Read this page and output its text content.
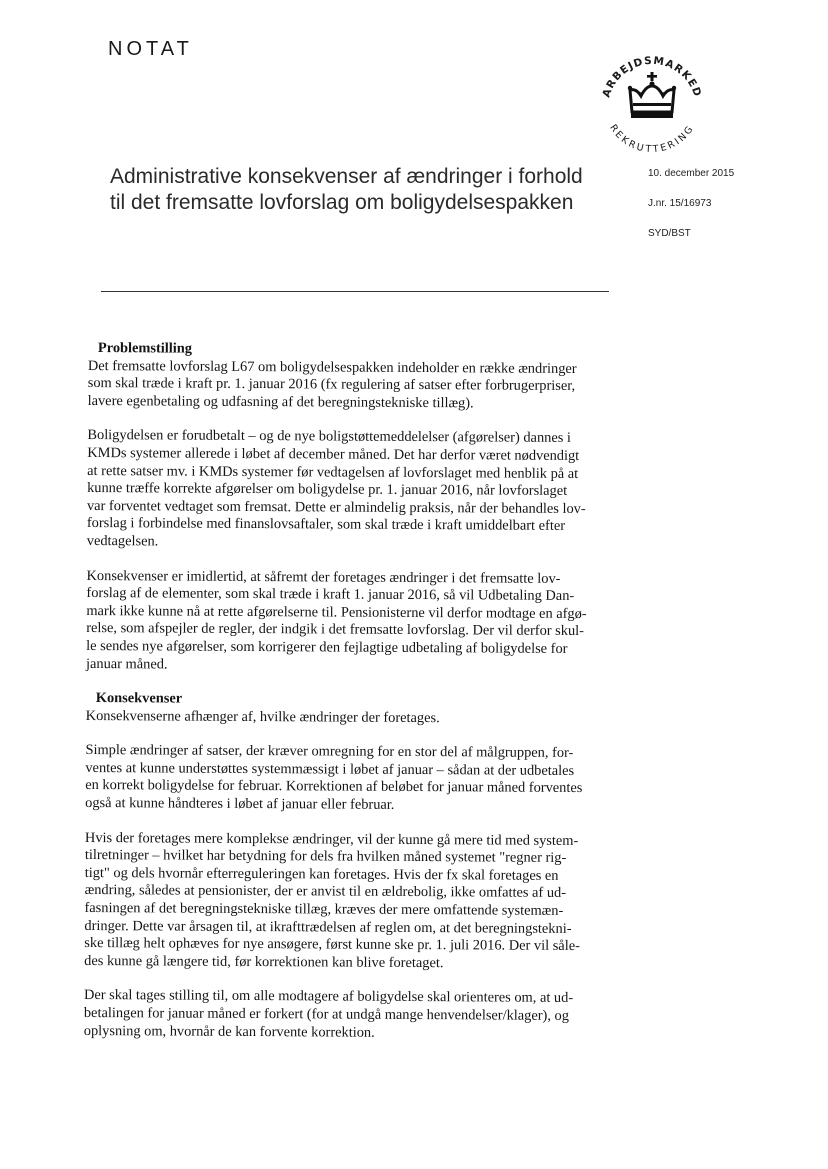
NOTAT
ARBEJDSMARKED
REKRUTTERING
Administrative konsekvenser af ændringer i forhold
til det fremsatte lovforslag om boligydelsespakken
10. december 2015
J.nr. 15/16973
SYD/BST
Problemstilling

Det fremsatte lovforslag L67 om boligydelsespakken indeholder en række ændringer
som skal træde i kraft pr. 1. januar 2016 (fx regulering af satser efter forbrugerpriser,
lavere egenbetaling og udfasning af det beregningstekniske tillæg).

Boligydelsen er forudbetalt – og de nye boligstøttemeddelelser (afgørelser) dannes i
KMDs systemer allerede i løbet af december måned. Det har derfor været nødvendigt
at rette satser mv. i KMDs systemer før vedtagelsen af lovforslaget med henblik på at
kunne træffe korrekte afgørelser om boligydelse pr. 1. januar 2016, når lovforslaget
var forventet vedtaget som fremsat. Dette er almindelig praksis, når der behandles lov-
forslag i forbindelse med finanslovsaftaler, som skal træde i kraft umiddelbart efter
vedtagelsen.

Konsekvenser er imidlertid, at såfremt der foretages ændringer i det fremsatte lov-
forslag af de elementer, som skal træde i kraft 1. januar 2016, så vil Udbetaling Dan-
mark ikke kunne nå at rette afgørelserne til. Pensionisterne vil derfor modtage en afgø-
relse, som afspejler de regler, der indgik i det fremsatte lovforslag. Der vil derfor skul-
le sendes nye afgørelser, som korrigerer den fejlagtige udbetaling af boligydelse for
januar måned.

Konsekvenser

Konsekvenserne afhænger af, hvilke ændringer der foretages.

Simple ændringer af satser, der kræver omregning for en stor del af målgruppen, for-
ventes at kunne understøttes systemmæssigt i løbet af januar – sådan at der udbetales
en korrekt boligydelse for februar. Korrektionen af beløbet for januar måned forventes
også at kunne håndteres i løbet af januar eller februar.

Hvis der foretages mere komplekse ændringer, vil der kunne gå mere tid med system-
tilretninger – hvilket har betydning for dels fra hvilken måned systemet "regner rig-
tigt" og dels hvornår efterreguleringen kan foretages. Hvis der fx skal foretages en
ændring, således at pensionister, der er anvist til en ældrebolig, ikke omfattes af ud-
fasningen af det beregningstekniske tillæg, kræves der mere omfattende systemæn-
dringer. Dette var årsagen til, at ikrafttrædelsen af reglen om, at det beregningstekni-
ske tillæg helt ophæves for nye ansøgere, først kunne ske pr. 1. juli 2016. Der vil såle-
des kunne gå længere tid, før korrektionen kan blive foretaget.

Der skal tages stilling til, om alle modtagere af boligydelse skal orienteres om, at ud-
betalingen for januar måned er forkert (for at undgå mange henvendelser/klager), og
oplysning om, hvornår de kan forvente korrektion.
